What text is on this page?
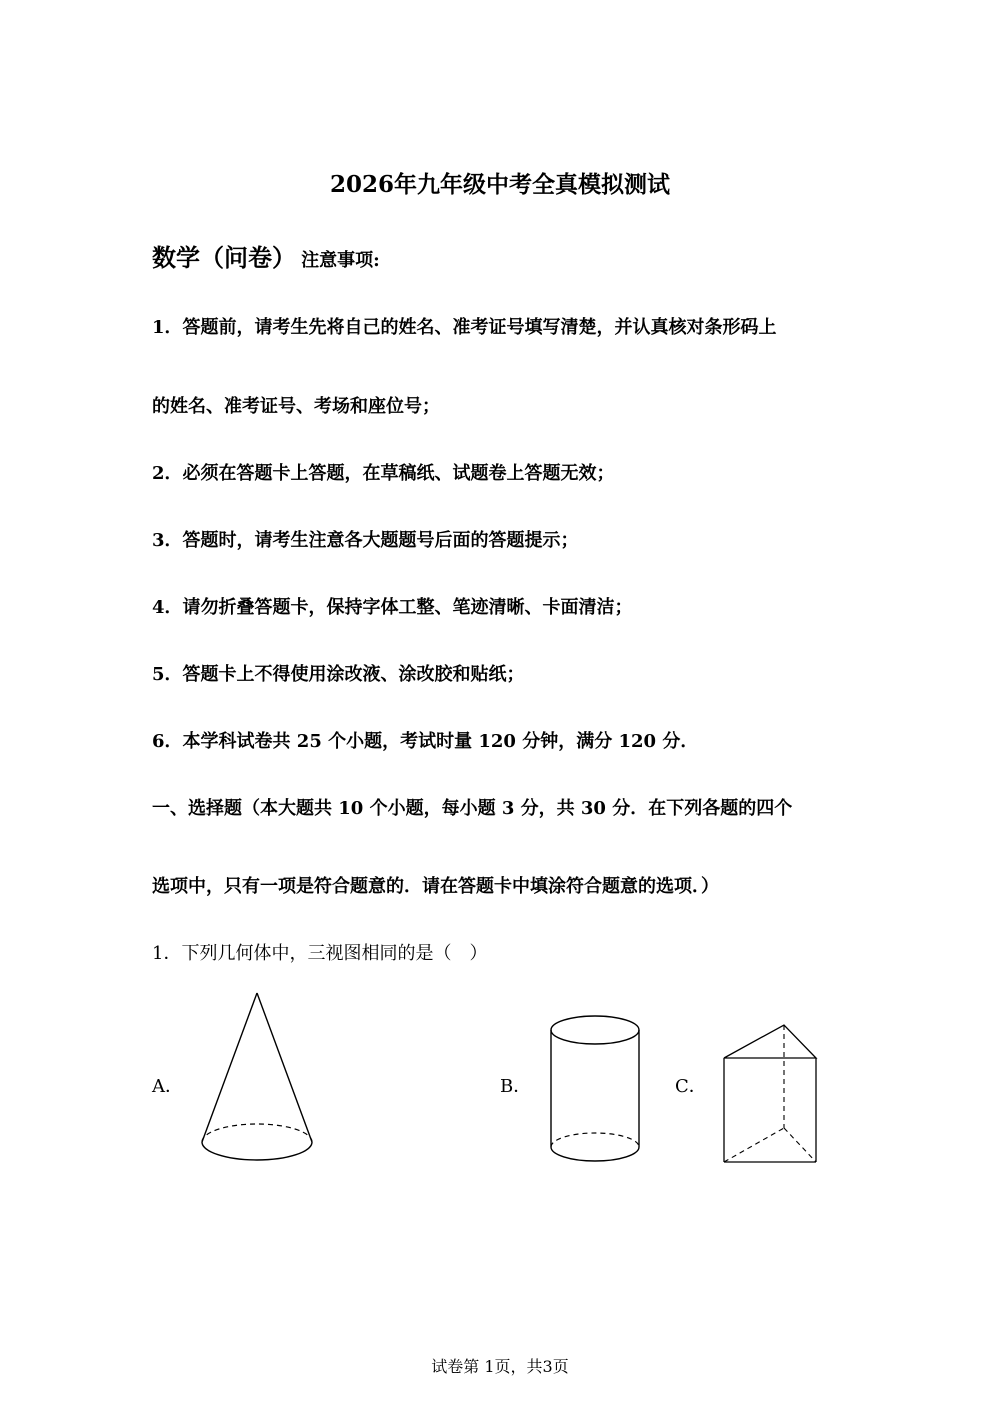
2026年九年级中考全真模拟测试
数学（问卷） 注意事项:
1．答题前，请考生先将自己的姓名、准考证号填写清楚，并认真核对条形码上
的姓名、准考证号、考场和座位号；
2．必须在答题卡上答题，在草稿纸、试题卷上答题无效；
3．答题时，请考生注意各大题题号后面的答题提示；
4．请勿折叠答题卡，保持字体工整、笔迹清晰、卡面清洁；
5．答题卡上不得使用涂改液、涂改胶和贴纸；
6．本学科试卷共 25 个小题，考试时量 120 分钟，满分 120 分．
一、选择题（本大题共 10 个小题，每小题 3 分，共 30 分．在下列各题的四个
选项中，只有一项是符合题意的．请在答题卡中填涂符合题意的选项．）
1．下列几何体中，三视图相同的是（　）
A．	B．	C．
试卷第 1页，共3页
